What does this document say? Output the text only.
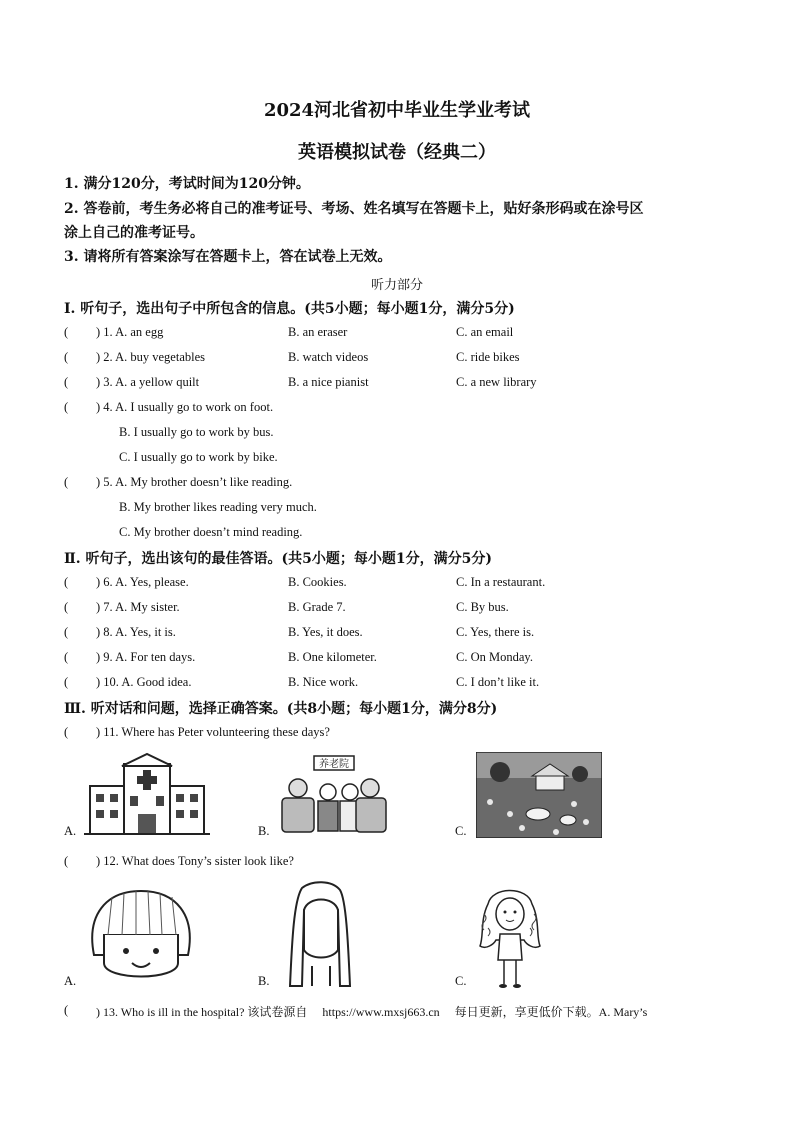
2024河北省初中毕业生学业考试
英语模拟试卷（经典二）
1. 满分120分，考试时间为120分钟。
2. 答卷前，考生务必将自己的准考证号、考场、姓名填写在答题卡上，贴好条形码或在涂号区
涂上自己的准考证号。
3. 请将所有答案涂写在答题卡上，答在试卷上无效。
听力部分
Ⅰ. 听句子，选出句子中所包含的信息。(共5小题；每小题1分，满分5分)
( ) 1. A. an egg	B. an eraser	C. an email
( ) 2. A. buy vegetables	B. watch videos	C. ride bikes
( ) 3. A. a yellow quilt	B. a nice pianist	C. a new library
( ) 4. A. I usually go to work on foot.
B. I usually go to work by bus.
C. I usually go to work by bike.
( ) 5. A. My brother doesn’t like reading.
B. My brother likes reading very much.
C. My brother doesn’t mind reading.
Ⅱ. 听句子，选出该句的最佳答语。(共5小题；每小题1分，满分5分)
( ) 6. A. Yes, please.	B. Cookies.	C. In a restaurant.
( ) 7. A. My sister.	B. Grade 7.	C. By bus.
( ) 8. A. Yes, it is.	B. Yes, it does.	C. Yes, there is.
( ) 9. A. For ten days.	B. One kilometer.	C. On Monday.
( ) 10. A. Good idea.	B. Nice work.	C. I don’t like it.
Ⅲ. 听对话和问题，选择正确答案。(共8小题；每小题1分，满分8分)
( ) 11. Where has Peter volunteering these days?
A.	B.
养老院
C.
( ) 12. What does Tony’s sister look like?
A.	B.	C.
( ) 13. Who is ill in the hospital? 该试卷源自　 https://www.mxsj663.cn　 每日更新，享更低价下载。A. Mary’s
